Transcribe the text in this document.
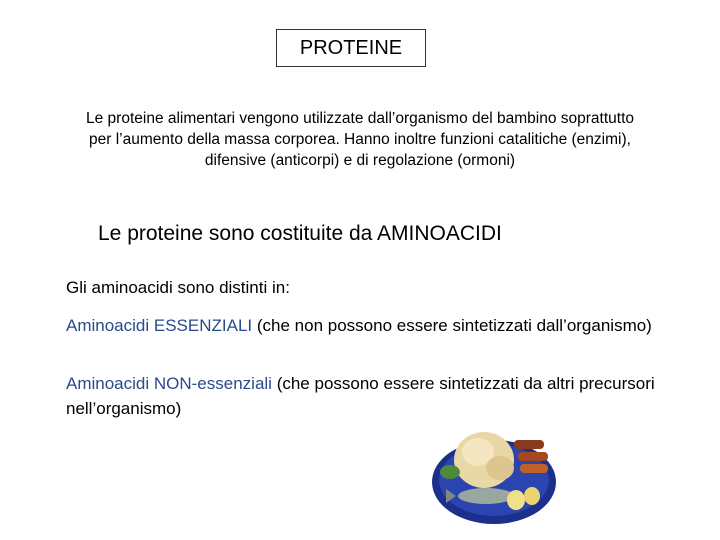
PROTEINE
Le proteine alimentari vengono utilizzate dall’organismo del bambino soprattutto per l’aumento della massa corporea. Hanno inoltre funzioni catalitiche (enzimi), difensive (anticorpi) e di regolazione (ormoni)
Le proteine sono costituite da AMINOACIDI
Gli aminoacidi sono distinti in:
Aminoacidi ESSENZIALI (che non possono essere sintetizzati dall’organismo)
Aminoacidi NON-essenziali (che possono essere sintetizzati da altri precursori nell’organismo)
